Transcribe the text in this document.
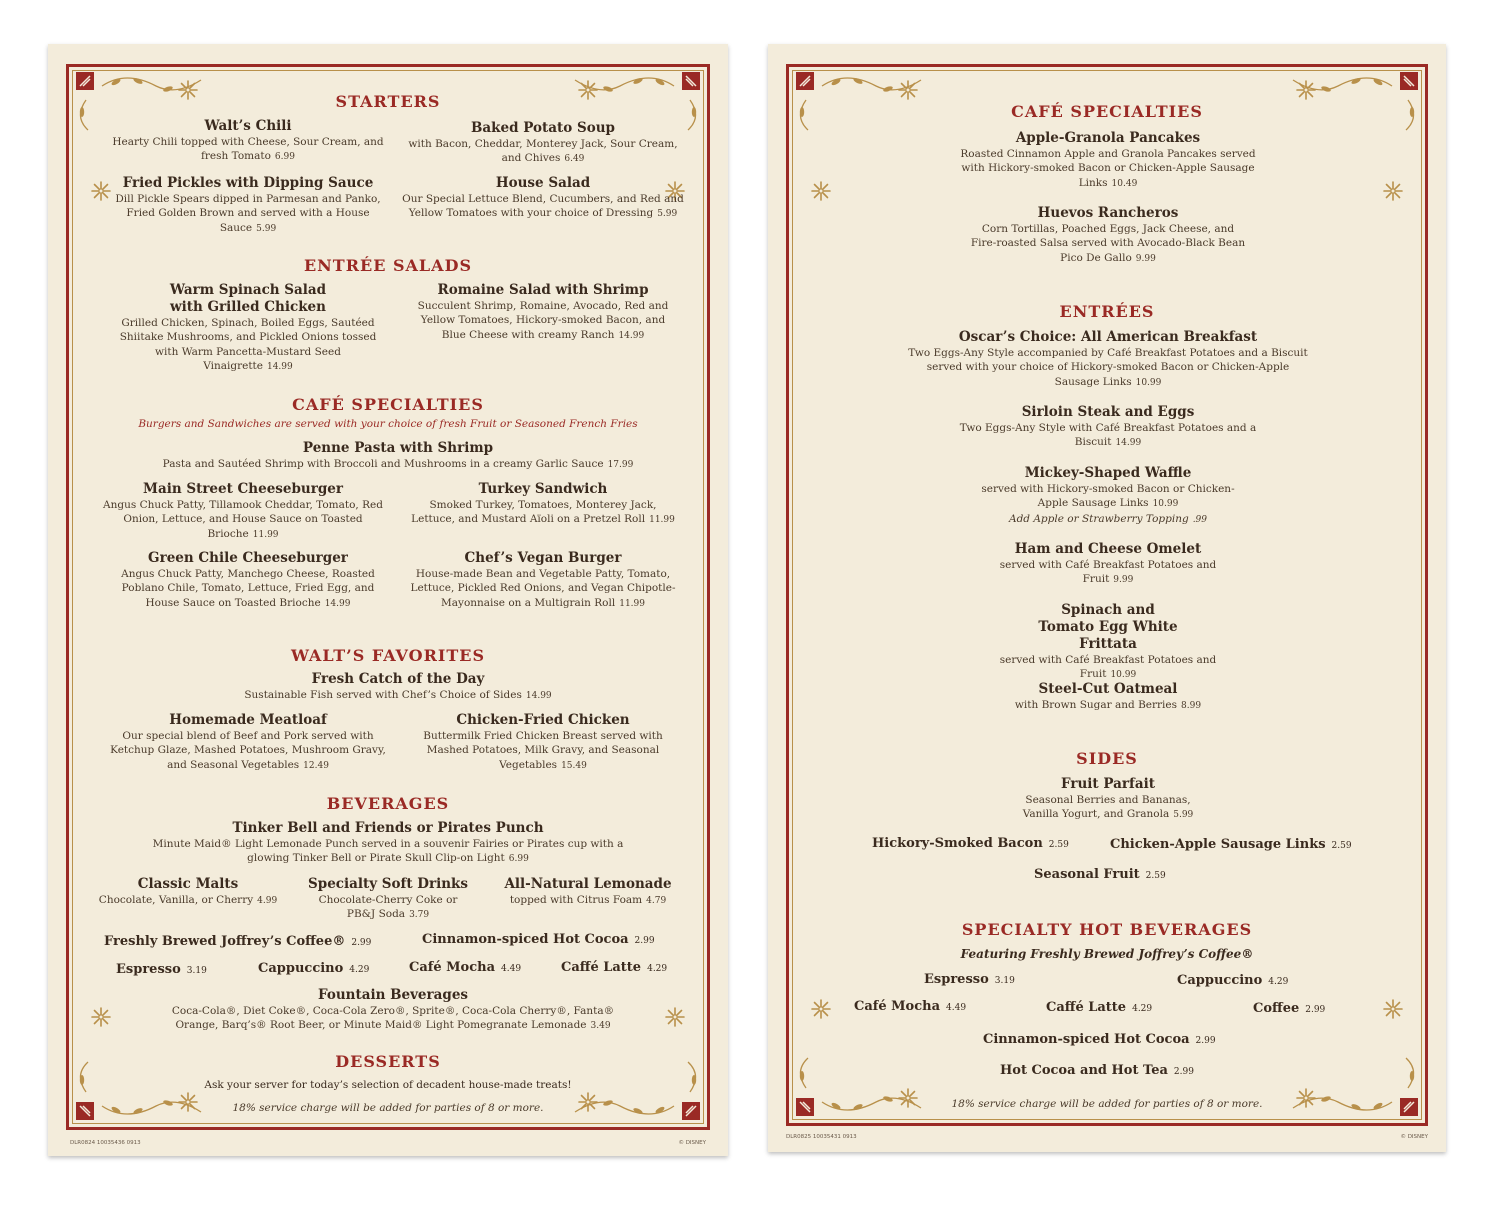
STARTERS
Walt’s Chili
Hearty Chili topped with Cheese, Sour Cream, and fresh Tomato 6.99
Baked Potato Soup
with Bacon, Cheddar, Monterey Jack, Sour Cream, and Chives 6.49
Fried Pickles with Dipping Sauce
Dill Pickle Spears dipped in Parmesan and Panko, Fried Golden Brown and served with a House Sauce 5.99
House Salad
Our Special Lettuce Blend, Cucumbers, and Red and Yellow Tomatoes with your choice of Dressing 5.99
ENTRÉE SALADS
Warm Spinach Salad with Grilled Chicken
Grilled Chicken, Spinach, Boiled Eggs, Sautéed Shiitake Mushrooms, and Pickled Onions tossed with Warm Pancetta-Mustard Seed Vinaigrette 14.99
Romaine Salad with Shrimp
Succulent Shrimp, Romaine, Avocado, Red and Yellow Tomatoes, Hickory-smoked Bacon, and Blue Cheese with creamy Ranch 14.99
CAFÉ SPECIALTIES
Burgers and Sandwiches are served with your choice of fresh Fruit or Seasoned French Fries
Penne Pasta with Shrimp
Pasta and Sautéed Shrimp with Broccoli and Mushrooms in a creamy Garlic Sauce 17.99
Main Street Cheeseburger
Angus Chuck Patty, Tillamook Cheddar, Tomato, Red Onion, Lettuce, and House Sauce on Toasted Brioche 11.99
Turkey Sandwich
Smoked Turkey, Tomatoes, Monterey Jack, Lettuce, and Mustard Aïoli on a Pretzel Roll 11.99
Green Chile Cheeseburger
Angus Chuck Patty, Manchego Cheese, Roasted Poblano Chile, Tomato, Lettuce, Fried Egg, and House Sauce on Toasted Brioche 14.99
Chef’s Vegan Burger
House-made Bean and Vegetable Patty, Tomato, Lettuce, Pickled Red Onions, and Vegan Chipotle-Mayonnaise on a Multigrain Roll 11.99
WALT’S FAVORITES
Fresh Catch of the Day
Sustainable Fish served with Chef’s Choice of Sides 14.99
Homemade Meatloaf
Our special blend of Beef and Pork served with Ketchup Glaze, Mashed Potatoes, Mushroom Gravy, and Seasonal Vegetables 12.49
Chicken-Fried Chicken
Buttermilk Fried Chicken Breast served with Mashed Potatoes, Milk Gravy, and Seasonal Vegetables 15.49
BEVERAGES
Tinker Bell and Friends or Pirates Punch
Minute Maid® Light Lemonade Punch served in a souvenir Fairies or Pirates cup with a glowing Tinker Bell or Pirate Skull Clip-on Light 6.99
Classic Malts
Chocolate, Vanilla, or Cherry 4.99
Specialty Soft Drinks
Chocolate-Cherry Coke or PB&J Soda 3.79
All-Natural Lemonade
topped with Citrus Foam 4.79
Freshly Brewed Joffrey’s Coffee® 2.99	Cinnamon-spiced Hot Cocoa 2.99
Espresso 3.19	Cappuccino 4.29	Café Mocha 4.49	Caffé Latte 4.29
Fountain Beverages
Coca-Cola®, Diet Coke®, Coca-Cola Zero®, Sprite®, Coca-Cola Cherry®, Fanta® Orange, Barq’s® Root Beer, or Minute Maid® Light Pomegranate Lemonade 3.49
DESSERTS
Ask your server for today’s selection of decadent house-made treats!
18% service charge will be added for parties of 8 or more.
DLR0824 10035436 0913	© DISNEY
CAFÉ SPECIALTIES
Apple-Granola Pancakes
Roasted Cinnamon Apple and Granola Pancakes served with Hickory-smoked Bacon or Chicken-Apple Sausage Links 10.49
Huevos Rancheros
Corn Tortillas, Poached Eggs, Jack Cheese, and Fire-roasted Salsa served with Avocado-Black Bean Pico De Gallo 9.99
ENTRÉES
Oscar’s Choice: All American Breakfast
Two Eggs-Any Style accompanied by Café Breakfast Potatoes and a Biscuit served with your choice of Hickory-smoked Bacon or Chicken-Apple Sausage Links 10.99
Sirloin Steak and Eggs
Two Eggs-Any Style with Café Breakfast Potatoes and a Biscuit 14.99
Mickey-Shaped Waffle
served with Hickory-smoked Bacon or Chicken-Apple Sausage Links 10.99
Add Apple or Strawberry Topping .99
Ham and Cheese Omelet
served with Café Breakfast Potatoes and Fruit 9.99
Spinach and Tomato Egg White Frittata
served with Café Breakfast Potatoes and Fruit 10.99
Steel-Cut Oatmeal
with Brown Sugar and Berries 8.99
SIDES
Fruit Parfait
Seasonal Berries and Bananas, Vanilla Yogurt, and Granola 5.99
Hickory-Smoked Bacon 2.59	Chicken-Apple Sausage Links 2.59
Seasonal Fruit 2.59
SPECIALTY HOT BEVERAGES
Featuring Freshly Brewed Joffrey’s Coffee®
Espresso 3.19	Cappuccino 4.29
Café Mocha 4.49	Caffé Latte 4.29	Coffee 2.99
Cinnamon-spiced Hot Cocoa 2.99
Hot Cocoa and Hot Tea 2.99
18% service charge will be added for parties of 8 or more.
DLR0825 10035431 0913	© DISNEY
